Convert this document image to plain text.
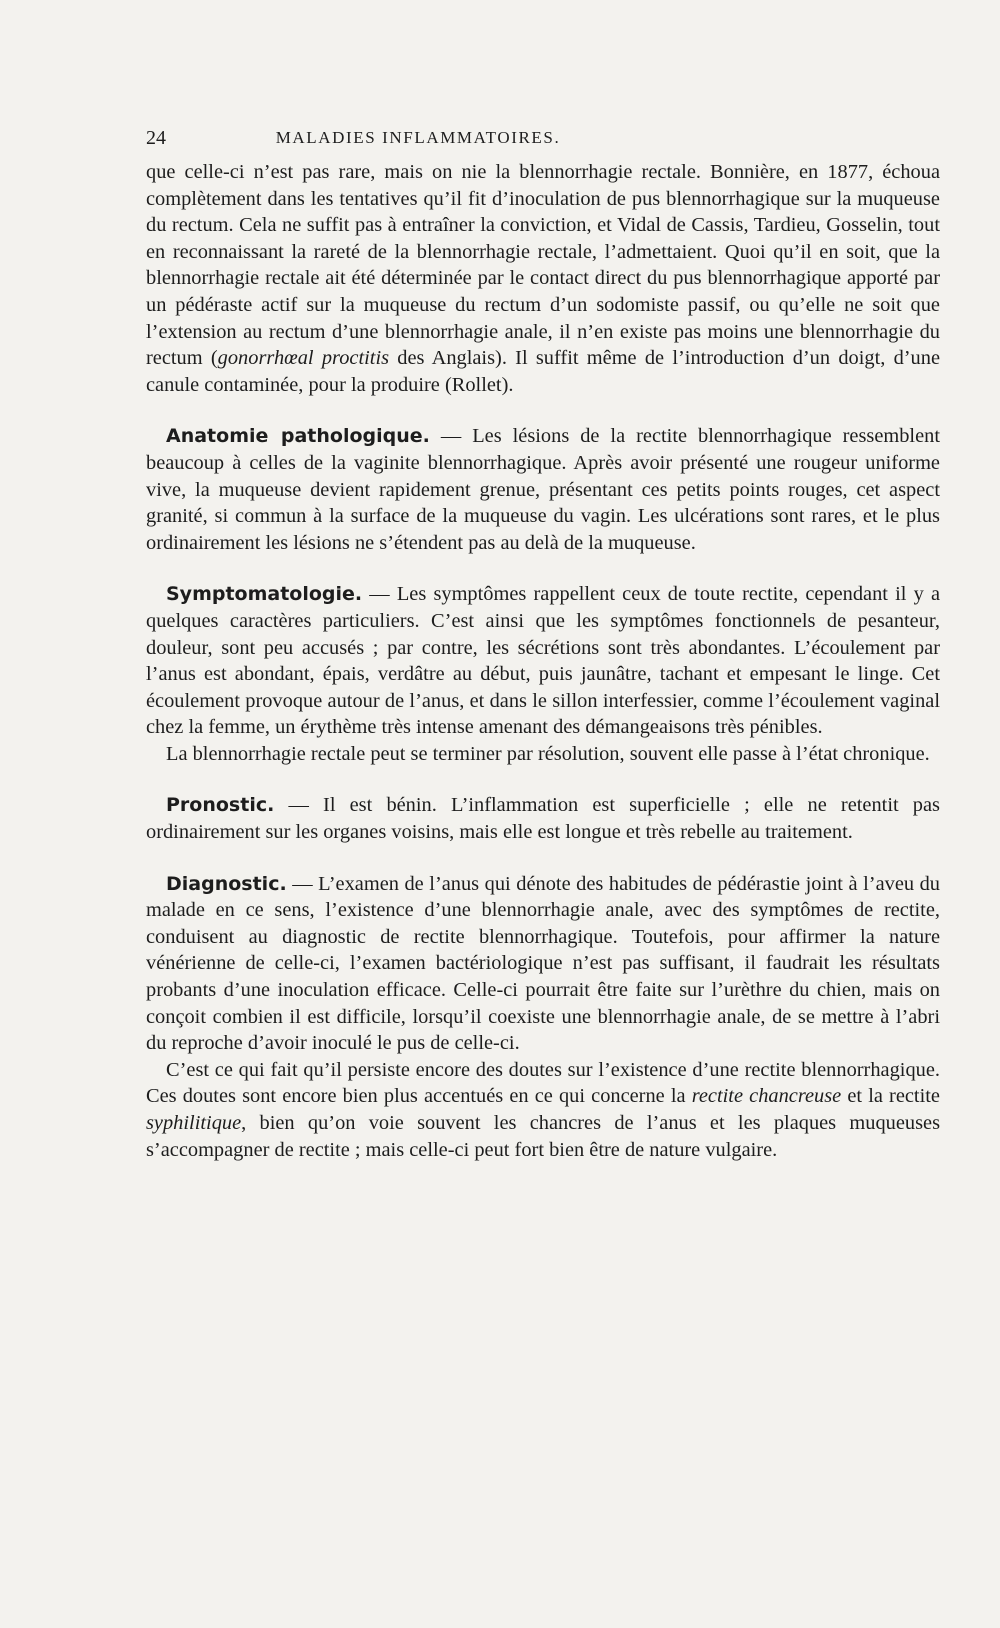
24	MALADIES INFLAMMATOIRES.

que celle-ci n’est pas rare, mais on nie la blennorrhagie rectale. Bonnière, en 1877, échoua complètement dans les tentatives qu’il fit d’inoculation de pus blennorrhagique sur la muqueuse du rectum. Cela ne suffit pas à entraîner la conviction, et Vidal de Cassis, Tardieu, Gosselin, tout en reconnaissant la rareté de la blennorrhagie rectale, l’admettaient. Quoi qu’il en soit, que la blennorrhagie rectale ait été déterminée par le contact direct du pus blennorrhagique apporté par un pédéraste actif sur la muqueuse du rectum d’un sodomiste passif, ou qu’elle ne soit que l’extension au rectum d’une blennorrhagie anale, il n’en existe pas moins une blennorrhagie du rectum (gonorrhœal proctitis des Anglais). Il suffit même de l’introduction d’un doigt, d’une canule contaminée, pour la produire (Rollet).

Anatomie pathologique. — Les lésions de la rectite blennorrhagique ressemblent beaucoup à celles de la vaginite blennorrhagique. Après avoir présenté une rougeur uniforme vive, la muqueuse devient rapidement grenue, présentant ces petits points rouges, cet aspect granité, si commun à la surface de la muqueuse du vagin. Les ulcérations sont rares, et le plus ordinairement les lésions ne s’étendent pas au delà de la muqueuse.

Symptomatologie. — Les symptômes rappellent ceux de toute rectite, cependant il y a quelques caractères particuliers. C’est ainsi que les symptômes fonctionnels de pesanteur, douleur, sont peu accusés ; par contre, les sécrétions sont très abondantes. L’écoulement par l’anus est abondant, épais, verdâtre au début, puis jaunâtre, tachant et empesant le linge. Cet écoulement provoque autour de l’anus, et dans le sillon interfessier, comme l’écoulement vaginal chez la femme, un érythème très intense amenant des démangeaisons très pénibles.

La blennorrhagie rectale peut se terminer par résolution, souvent elle passe à l’état chronique.

Pronostic. — Il est bénin. L’inflammation est superficielle ; elle ne retentit pas ordinairement sur les organes voisins, mais elle est longue et très rebelle au traitement.

Diagnostic. — L’examen de l’anus qui dénote des habitudes de pédérastie joint à l’aveu du malade en ce sens, l’existence d’une blennorrhagie anale, avec des symptômes de rectite, conduisent au diagnostic de rectite blennorrhagique. Toutefois, pour affirmer la nature vénérienne de celle-ci, l’examen bactériologique n’est pas suffisant, il faudrait les résultats probants d’une inoculation efficace. Celle-ci pourrait être faite sur l’urèthre du chien, mais on conçoit combien il est difficile, lorsqu’il coexiste une blennorrhagie anale, de se mettre à l’abri du reproche d’avoir inoculé le pus de celle-ci.

C’est ce qui fait qu’il persiste encore des doutes sur l’existence d’une rectite blennorrhagique. Ces doutes sont encore bien plus accentués en ce qui concerne la rectite chancreuse et la rectite syphilitique, bien qu’on voie souvent les chancres de l’anus et les plaques muqueuses s’accompagner de rectite ; mais celle-ci peut fort bien être de nature vulgaire.
